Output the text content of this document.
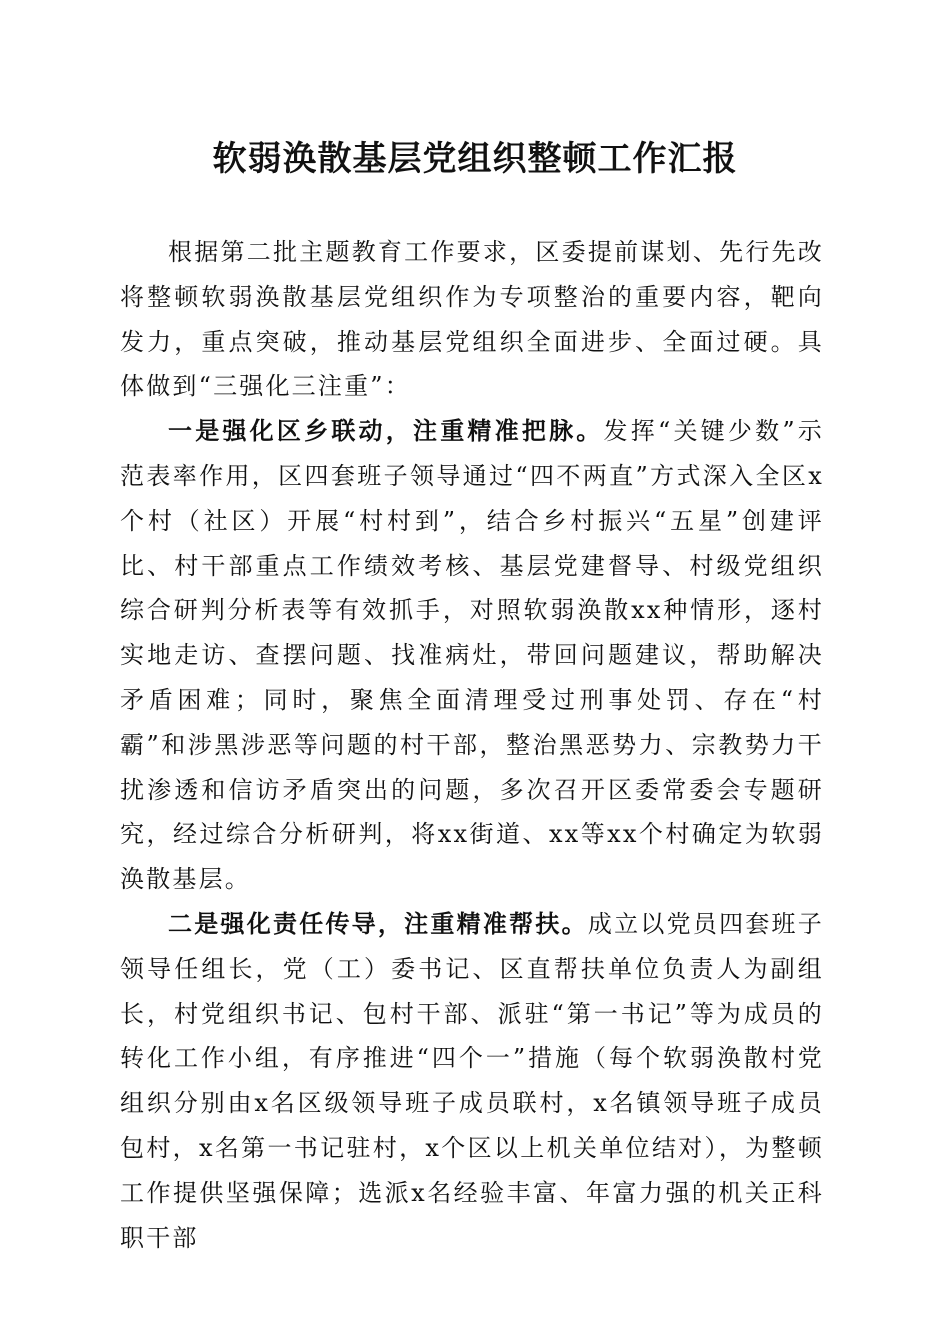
软弱涣散基层党组织整顿工作汇报

根据第二批主题教育工作要求，区委提前谋划、先行先改将整顿软弱涣散基层党组织作为专项整治的重要内容，靶向发力，重点突破，推动基层党组织全面进步、全面过硬。具体做到“三强化三注重”：

一是强化区乡联动，注重精准把脉。发挥“关键少数”示范表率作用，区四套班子领导通过“四不两直”方式深入全区x个村（社区）开展“村村到”，结合乡村振兴“五星”创建评比、村干部重点工作绩效考核、基层党建督导、村级党组织综合研判分析表等有效抓手，对照软弱涣散xx种情形，逐村实地走访、查摆问题、找准病灶，带回问题建议，帮助解决矛盾困难；同时，聚焦全面清理受过刑事处罚、存在“村霸”和涉黑涉恶等问题的村干部，整治黑恶势力、宗教势力干扰渗透和信访矛盾突出的问题，多次召开区委常委会专题研究，经过综合分析研判，将xx街道、xx等xx个村确定为软弱涣散基层。

二是强化责任传导，注重精准帮扶。成立以党员四套班子领导任组长，党（工）委书记、区直帮扶单位负责人为副组长，村党组织书记、包村干部、派驻“第一书记”等为成员的转化工作小组，有序推进“四个一”措施（每个软弱涣散村党组织分别由x名区级领导班子成员联村，x名镇领导班子成员包村，x名第一书记驻村，x个区以上机关单位结对），为整顿工作提供坚强保障；选派x名经验丰富、年富力强的机关正科职干部
